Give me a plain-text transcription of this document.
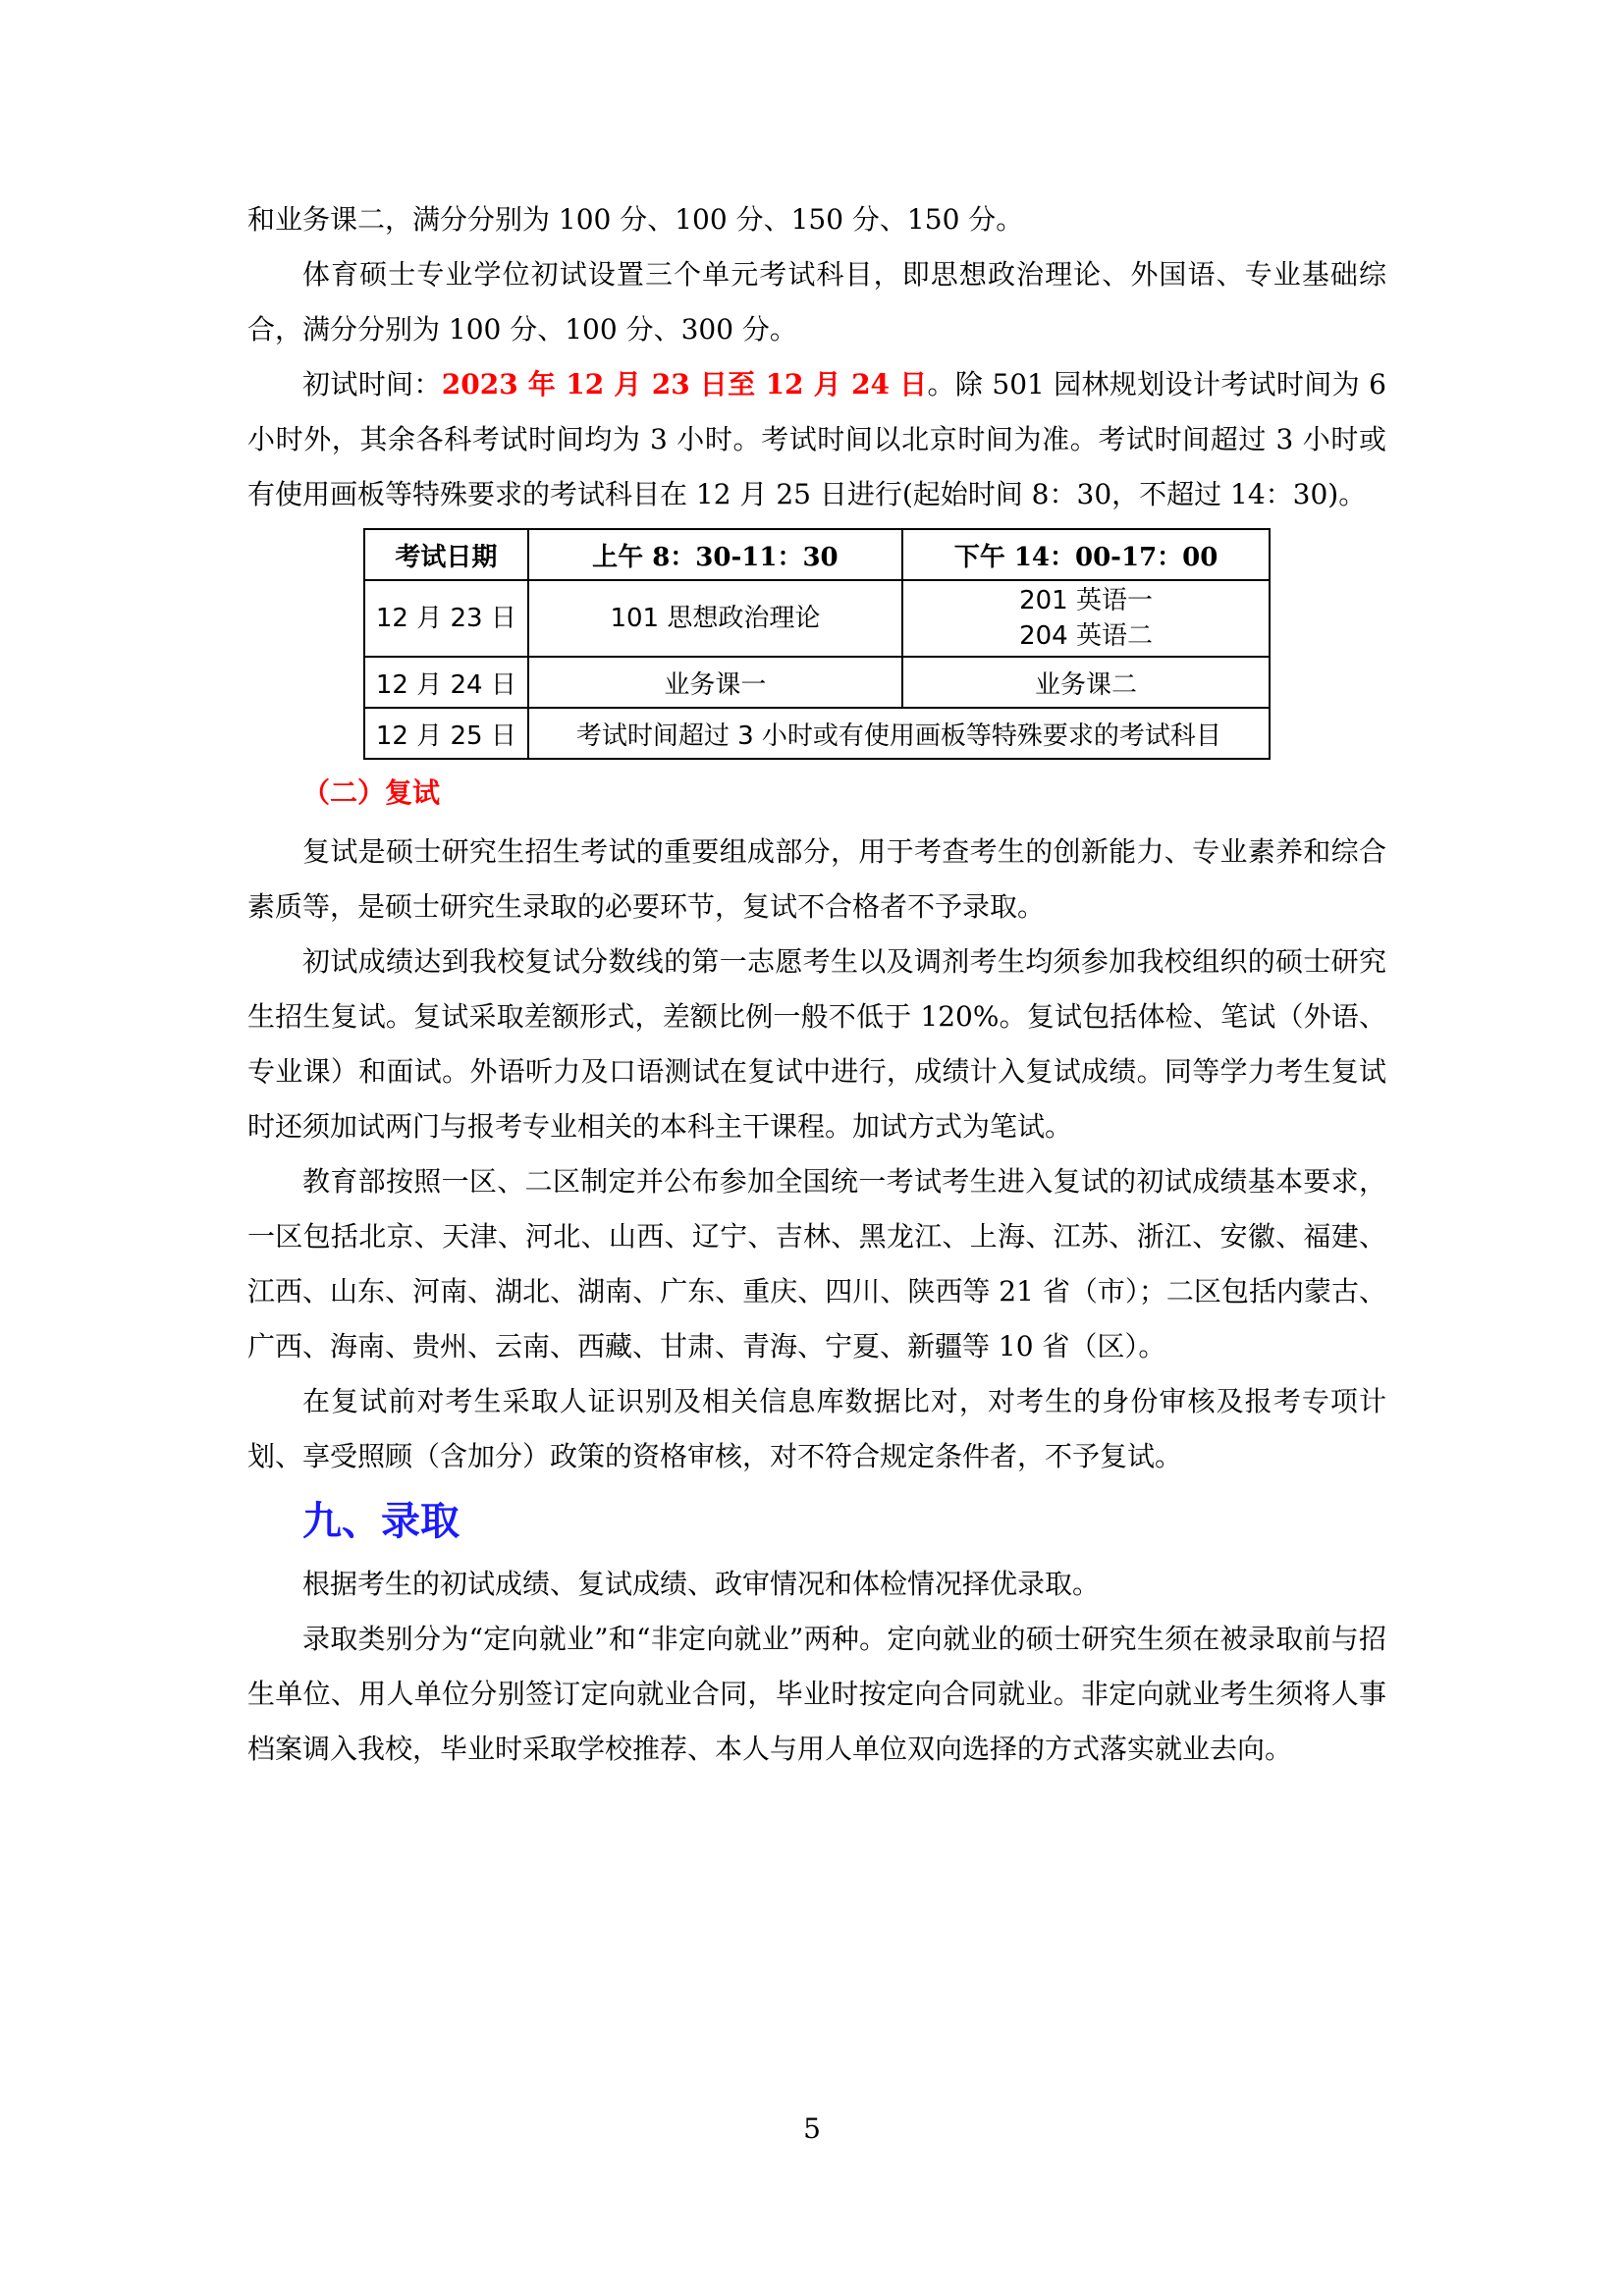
和业务课二，满分分别为 100 分、100 分、150 分、150 分。

体育硕士专业学位初试设置三个单元考试科目，即思想政治理论、外国语、专业基础综合，满分分别为 100 分、100 分、300 分。

初试时间：2023 年 12 月 23 日至 12 月 24 日。除 501 园林规划设计考试时间为 6 小时外，其余各科考试时间均为 3 小时。考试时间以北京时间为准。考试时间超过 3 小时或有使用画板等特殊要求的考试科目在 12 月 25 日进行(起始时间 8：30，不超过 14：30)。

考试日期	上午 8：30-11：30	下午 14：00-17：00
12 月 23 日	101 思想政治理论	201 英语一
204 英语二

12 月 24 日	业务课一	业务课二
12 月 25 日	考试时间超过 3 小时或有使用画板等特殊要求的考试科目	
（二）复试

复试是硕士研究生招生考试的重要组成部分，用于考查考生的创新能力、专业素养和综合素质等，是硕士研究生录取的必要环节，复试不合格者不予录取。

初试成绩达到我校复试分数线的第一志愿考生以及调剂考生均须参加我校组织的硕士研究生招生复试。复试采取差额形式，差额比例一般不低于 120%。复试包括体检、笔试（外语、专业课）和面试。外语听力及口语测试在复试中进行，成绩计入复试成绩。同等学力考生复试时还须加试两门与报考专业相关的本科主干课程。加试方式为笔试。

教育部按照一区、二区制定并公布参加全国统一考试考生进入复试的初试成绩基本要求，一区包括北京、天津、河北、山西、辽宁、吉林、黑龙江、上海、江苏、浙江、安徽、福建、江西、山东、河南、湖北、湖南、广东、重庆、四川、陕西等 21 省（市）；二区包括内蒙古、广西、海南、贵州、云南、西藏、甘肃、青海、宁夏、新疆等 10 省（区）。

在复试前对考生采取人证识别及相关信息库数据比对，对考生的身份审核及报考专项计划、享受照顾（含加分）政策的资格审核，对不符合规定条件者，不予复试。

九、录取

根据考生的初试成绩、复试成绩、政审情况和体检情况择优录取。

录取类别分为“定向就业”和“非定向就业”两种。定向就业的硕士研究生须在被录取前与招生单位、用人单位分别签订定向就业合同，毕业时按定向合同就业。非定向就业考生须将人事档案调入我校，毕业时采取学校推荐、本人与用人单位双向选择的方式落实就业去向。

5
